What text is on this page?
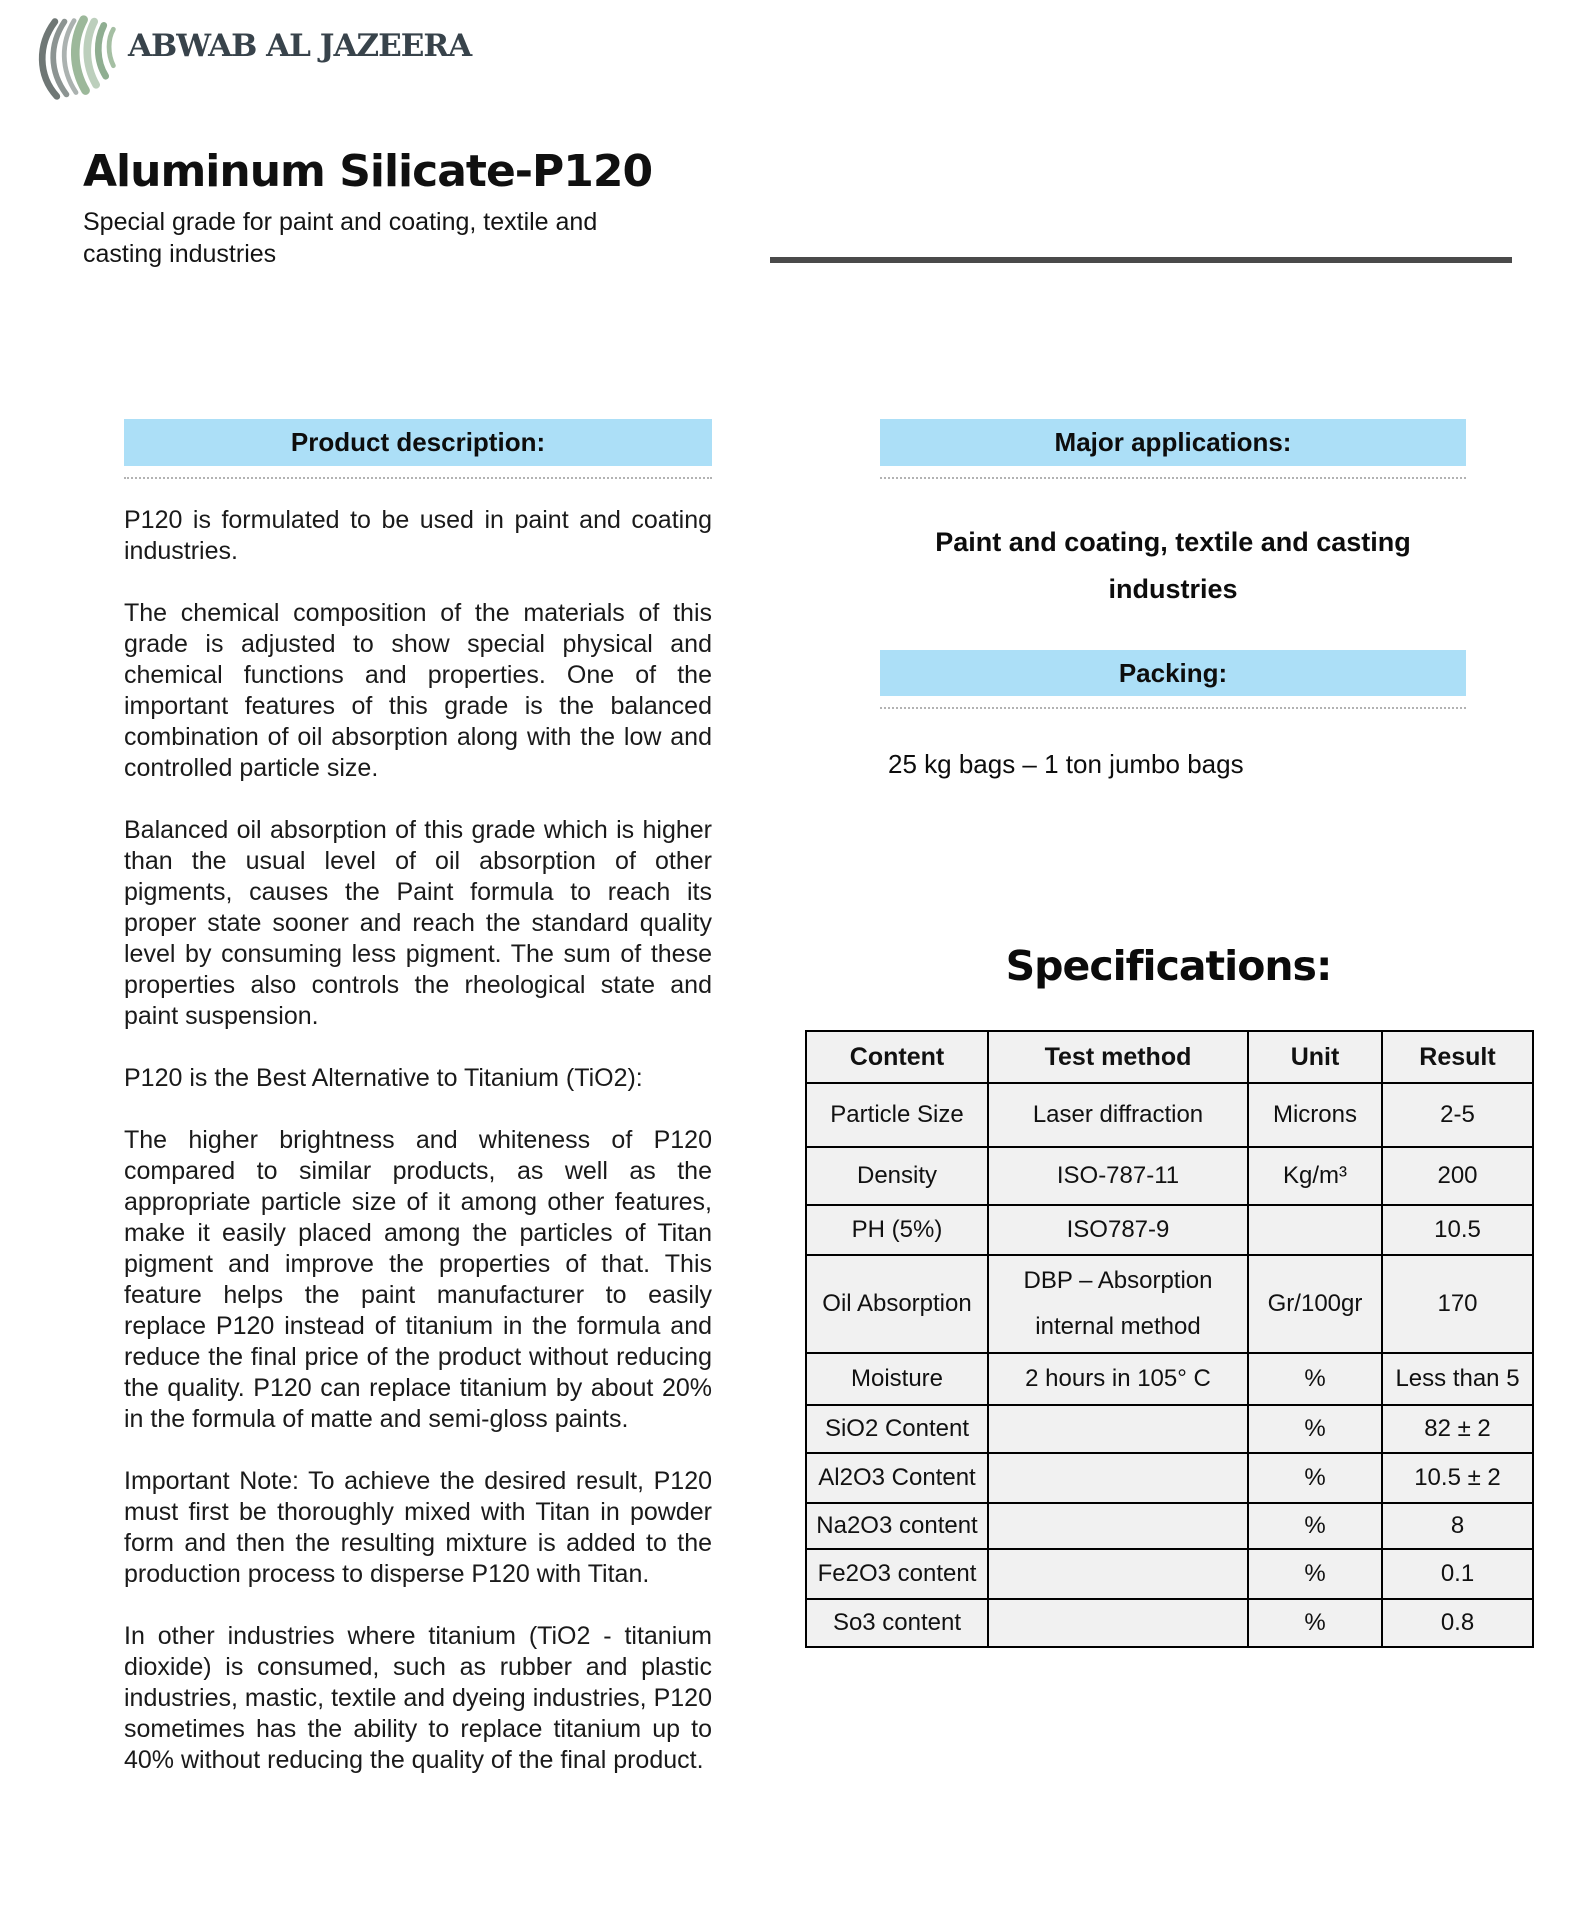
ABWAB AL JAZEERA
Aluminum Silicate-P120
Special grade for paint and coating, textile and casting industries
Product description:

P120 is formulated to be used in paint and coating industries.

The chemical composition of the materials of this grade is adjusted to show special physical and chemical functions and properties. One of the important features of this grade is the balanced combination of oil absorption along with the low and controlled particle size.

Balanced oil absorption of this grade which is higher than the usual level of oil absorption of other pigments, causes the Paint formula to reach its proper state sooner and reach the standard quality level by consuming less pigment. The sum of these properties also controls the rheological state and paint suspension.

P120 is the Best Alternative to Titanium (TiO2):

The higher brightness and whiteness of P120 compared to similar products, as well as the appropriate particle size of it among other features, make it easily placed among the particles of Titan pigment and improve the properties of that. This feature helps the paint manufacturer to easily replace P120 instead of titanium in the formula and reduce the final price of the product without reducing the quality. P120 can replace titanium by about 20% in the formula of matte and semi-gloss paints.

Important Note: To achieve the desired result, P120 must first be thoroughly mixed with Titan in powder form and then the resulting mixture is added to the production process to disperse P120 with Titan.

In other industries where titanium (TiO2 - titanium dioxide) is consumed, such as rubber and plastic industries, mastic, textile and dyeing industries, P120 sometimes has the ability to replace titanium up to 40% without reducing the quality of the final product.

Major applications:
Paint and coating, textile and casting industries
Packing:
25 kg bags – 1 ton jumbo bags
Specifications:
Content	Test method	Unit	Result
Particle Size	Laser diffraction	Microns	2-5
Density	ISO-787-11	Kg/m³	200
PH (5%)	ISO787-9		10.5
Oil Absorption	DBP – Absorption internal method	Gr/100gr	170
Moisture	2 hours in 105° C	%	Less than 5
SiO2 Content		%	82 ± 2
Al2O3 Content		%	10.5 ± 2
Na2O3 content		%	8
Fe2O3 content		%	0.1
So3 content		%	0.8
